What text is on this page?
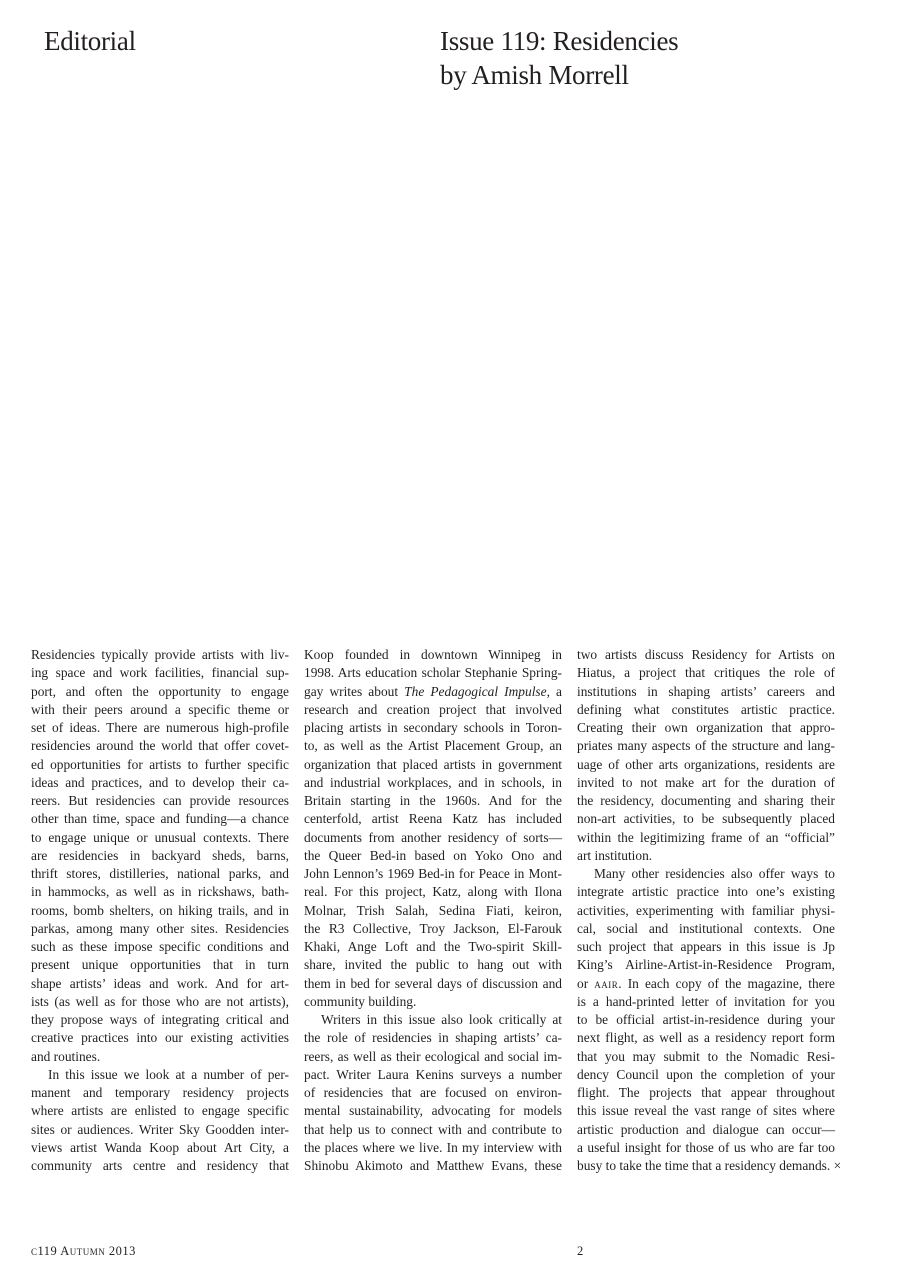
Editorial	Issue 119: Residencies
by Amish Morrell
Residencies typically provide artists with liv-
ing space and work facilities, financial sup-
port, and often the opportunity to engage
with their peers around a specific theme or
set of ideas. There are numerous high-profile
residencies around the world that offer covet-
ed opportunities for artists to further specific
ideas and practices, and to develop their ca-
reers. But residencies can provide resources
other than time, space and funding—a chance
to engage unique or unusual contexts. There
are residencies in backyard sheds, barns,
thrift stores, distilleries, national parks, and
in hammocks, as well as in rickshaws, bath-
rooms, bomb shelters, on hiking trails, and in
parkas, among many other sites. Residencies
such as these impose specific conditions and
present unique opportunities that in turn
shape artists’ ideas and work. And for art-
ists (as well as for those who are not artists),
they propose ways of integrating critical and
creative practices into our existing activities
and routines.
In this issue we look at a number of per-
manent and temporary residency projects
where artists are enlisted to engage specific
sites or audiences. Writer Sky Goodden inter-
views artist Wanda Koop about Art City, a
community arts centre and residency that
Koop founded in downtown Winnipeg in
1998. Arts education scholar Stephanie Spring-
gay writes about The Pedagogical Impulse, a
research and creation project that involved
placing artists in secondary schools in Toron-
to, as well as the Artist Placement Group, an
organization that placed artists in government
and industrial workplaces, and in schools, in
Britain starting in the 1960s. And for the
centerfold, artist Reena Katz has included
documents from another residency of sorts—
the Queer Bed-in based on Yoko Ono and
John Lennon’s 1969 Bed-in for Peace in Mont-
real. For this project, Katz, along with Ilona
Molnar, Trish Salah, Sedina Fiati, keiron,
the R3 Collective, Troy Jackson, El-Farouk
Khaki, Ange Loft and the Two-spirit Skill-
share, invited the public to hang out with
them in bed for several days of discussion and
community building.
Writers in this issue also look critically at
the role of residencies in shaping artists’ ca-
reers, as well as their ecological and social im-
pact. Writer Laura Kenins surveys a number
of residencies that are focused on environ-
mental sustainability, advocating for models
that help us to connect with and contribute to
the places where we live. In my interview with
Shinobu Akimoto and Matthew Evans, these
two artists discuss Residency for Artists on
Hiatus, a project that critiques the role of
institutions in shaping artists’ careers and
defining what constitutes artistic practice.
Creating their own organization that appro-
priates many aspects of the structure and lang-
uage of other arts organizations, residents are
invited to not make art for the duration of
the residency, documenting and sharing their
non-art activities, to be subsequently placed
within the legitimizing frame of an “official”
art institution.
Many other residencies also offer ways to
integrate artistic practice into one’s existing
activities, experimenting with familiar physi-
cal, social and institutional contexts. One
such project that appears in this issue is Jp
King’s Airline-Artist-in-Residence Program,
or aair. In each copy of the magazine, there
is a hand-printed letter of invitation for you
to be official artist-in-residence during your
next flight, as well as a residency report form
that you may submit to the Nomadic Resi-
dency Council upon the completion of your
flight. The projects that appear throughout
this issue reveal the vast range of sites where
artistic production and dialogue can occur—
a useful insight for those of us who are far too
busy to take the time that a residency demands. ×
c119 Autumn 2013	2
